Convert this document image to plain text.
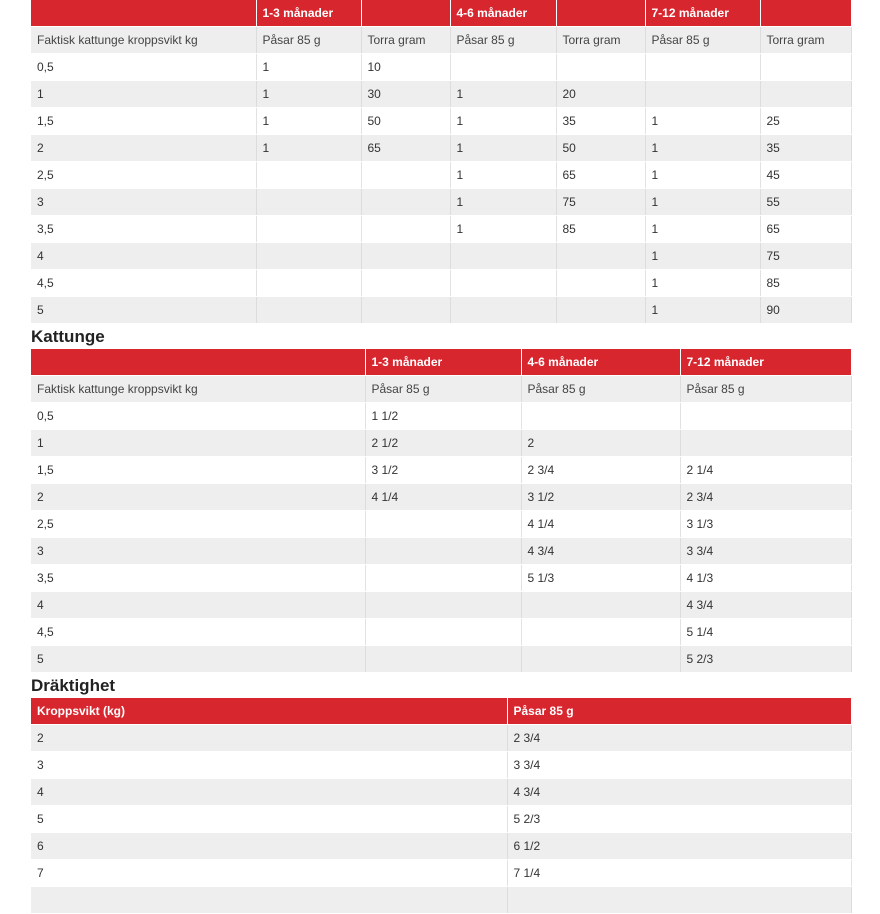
	1-3 månader		4-6 månader		7-12 månader	
Faktisk kattunge kroppsvikt kg	Påsar 85 g	Torra gram	Påsar 85 g	Torra gram	Påsar 85 g	Torra gram
0,5	1	10				
1	1	30	1	20		
1,5	1	50	1	35	1	25
2	1	65	1	50	1	35
2,5			1	65	1	45
3			1	75	1	55
3,5			1	85	1	65
4					1	75
4,5					1	85
5					1	90
Kattunge
	1-3 månader	4-6 månader	7-12 månader
Faktisk kattunge kroppsvikt kg	Påsar 85 g	Påsar 85 g	Påsar 85 g
0,5	1 1/2		
1	2 1/2	2	
1,5	3 1/2	2 3/4	2 1/4
2	4 1/4	3 1/2	2 3/4
2,5		4 1/4	3 1/3
3		4 3/4	3 3/4
3,5		5 1/3	4 1/3
4			4 3/4
4,5			5 1/4
5			5 2/3
Dräktighet
Kroppsvikt (kg)	Påsar 85 g
2	2 3/4
3	3 3/4
4	4 3/4
5	5 2/3
6	6 1/2
7	7 1/4
